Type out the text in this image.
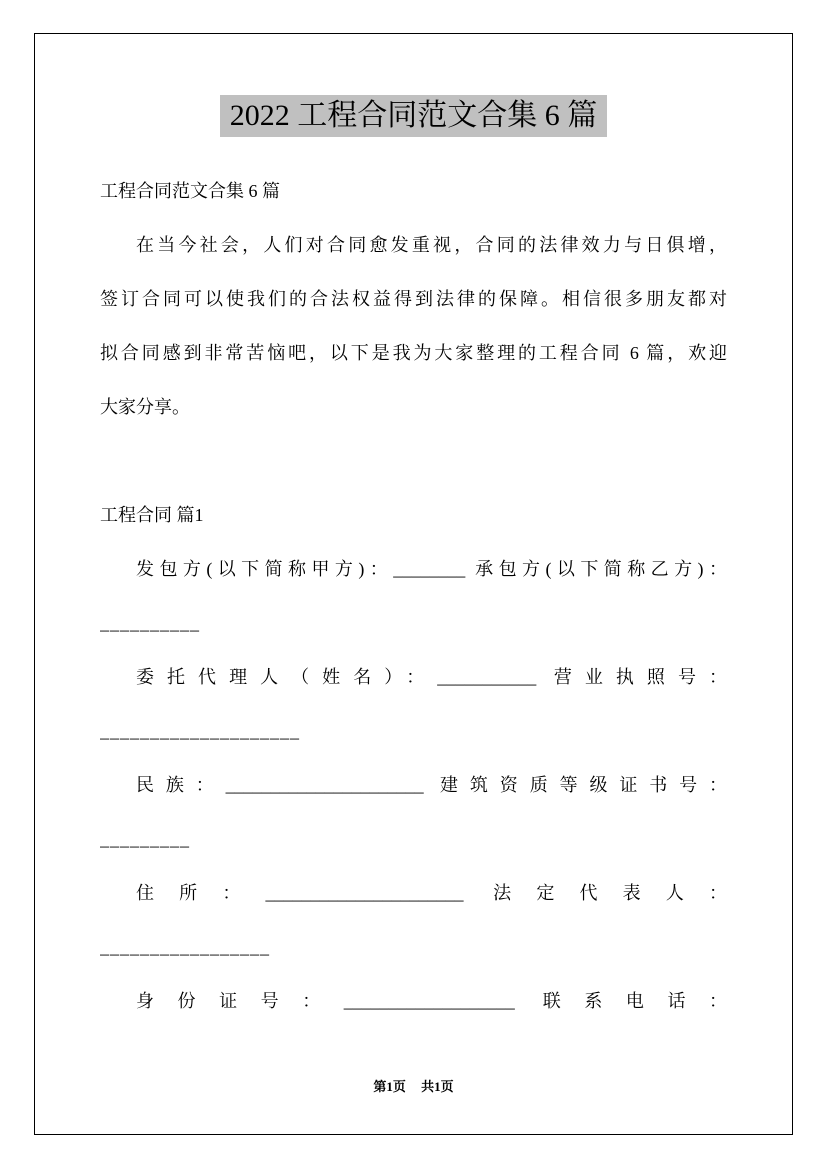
2022 工程合同范文合集 6 篇
工程合同范文合集 6 篇
在当今社会，人们对合同愈发重视，合同的法律效力与日俱增，
签订合同可以使我们的合法权益得到法律的保障。相信很多朋友都对
拟合同感到非常苦恼吧，以下是我为大家整理的工程合同 6 篇，欢迎
大家分享。
工程合同 篇1
发包方(以下简称甲方)：________ 承包方(以下简称乙方)：
__________
委托代理人（姓名）：___________ 营业执照号：
____________________
民族：______________________ 建筑资质等级证书号：
_________
住所：______________________ 法定代表人：
_________________
身份证号：___________________ 联系电话：
第1页 共1页
